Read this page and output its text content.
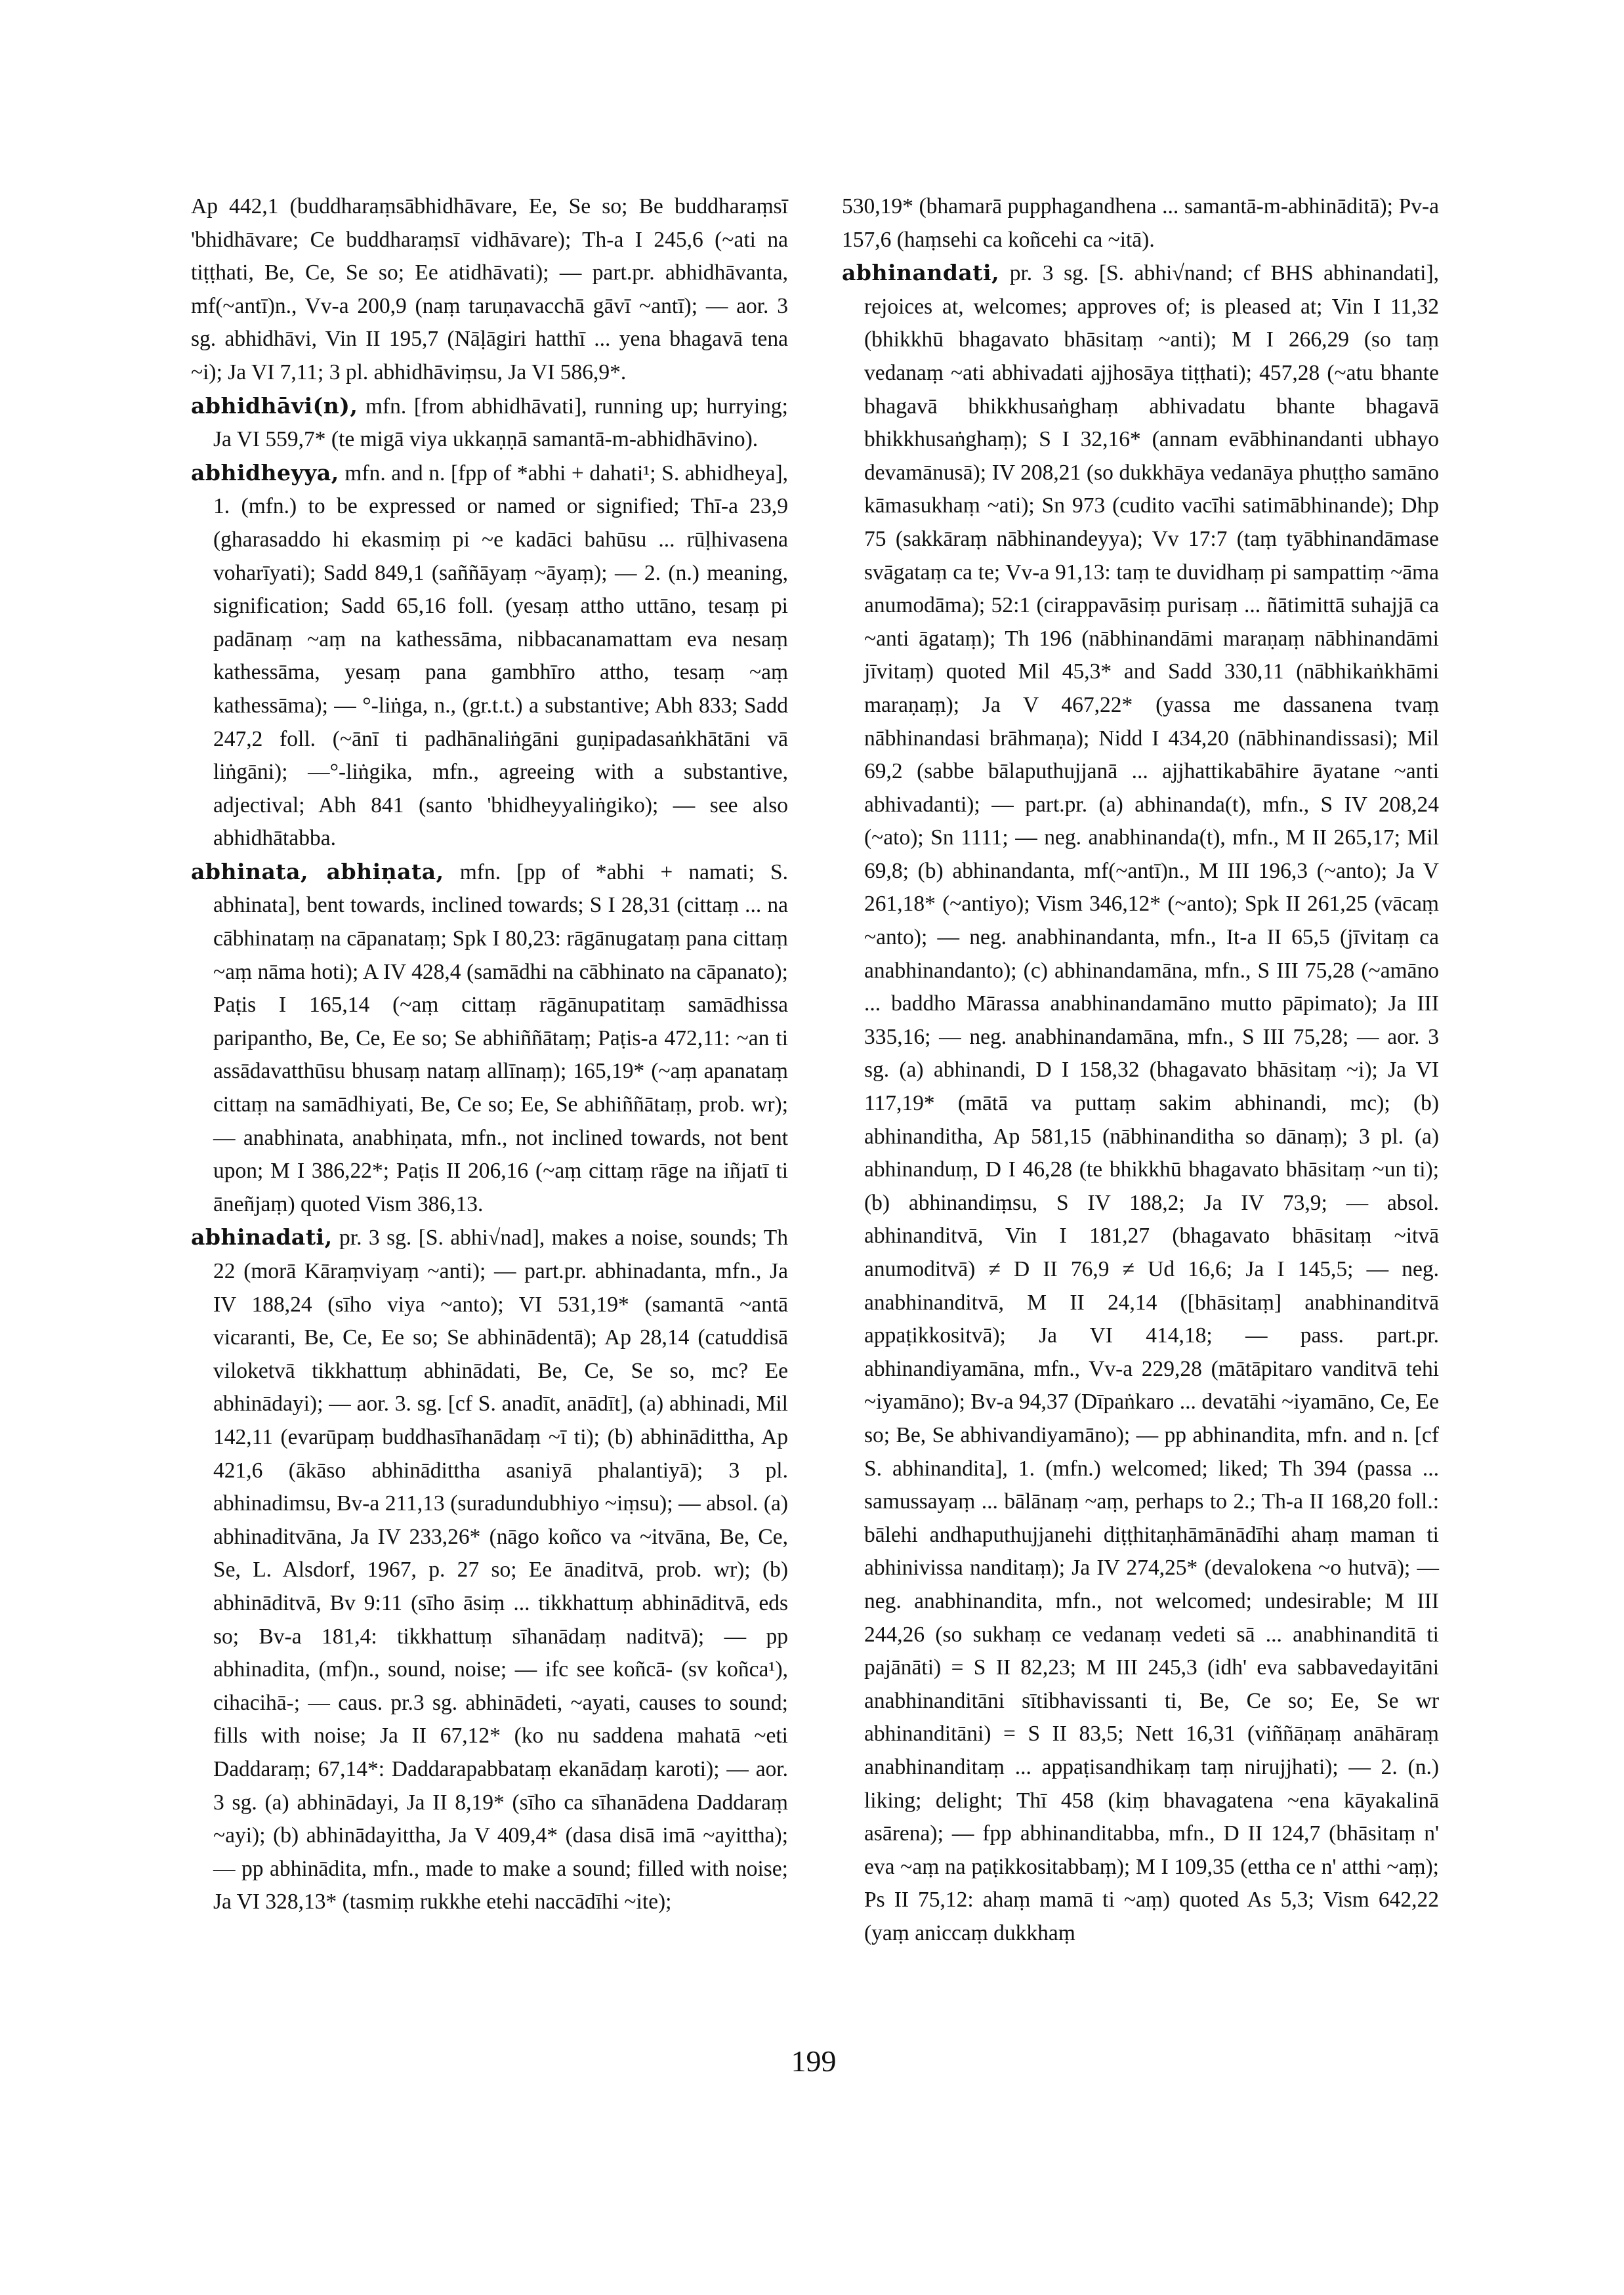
Ap 442,1 (buddharaṃsābhidhāvare, Ee, Se so; Be buddharaṃsī 'bhidhāvare; Ce buddharaṃsī vidhāvare); Th-a I 245,6 (~ati na tiṭṭhati, Be, Ce, Se so; Ee atidhāvati); — part.pr. abhidhāvanta, mf(~antī)n., Vv-a 200,9 (naṃ taruṇavacchā gāvī ~antī); — aor. 3 sg. abhidhāvi, Vin II 195,7 (Nāḷāgiri hatthī ... yena bhagavā tena ~i); Ja VI 7,11; 3 pl. abhidhāviṃsu, Ja VI 586,9*.

abhidhāvi(n), mfn. [from abhidhāvati], running up; hurrying; Ja VI 559,7* (te migā viya ukkaṇṇā samantā-m-abhidhāvino).

abhidheyya, mfn. and n. [fpp of *abhi + dahati¹; S. abhidheya], 1. (mfn.) to be expressed or named or signified; Thī-a 23,9 (gharasaddo hi ekasmiṃ pi ~e kadāci bahūsu ... rūḷhivasena voharīyati); Sadd 849,1 (saññāyaṃ ~āyaṃ); — 2. (n.) meaning, signification; Sadd 65,16 foll. (yesaṃ attho uttāno, tesaṃ pi padānaṃ ~aṃ na kathessāma, nibbacanamattam eva nesaṃ kathessāma, yesaṃ pana gambhīro attho, tesaṃ ~aṃ kathessāma); — °-liṅga, n., (gr.t.t.) a substantive; Abh 833; Sadd 247,2 foll. (~ānī ti padhānaliṅgāni guṇipadasaṅkhātāni vā liṅgāni); —°-liṅgika, mfn., agreeing with a substantive, adjectival; Abh 841 (santo 'bhidheyyaliṅgiko); — see also abhidhātabba.

abhinata, abhiṇata, mfn. [pp of *abhi + namati; S. abhinata], bent towards, inclined towards; S I 28,31 (cittaṃ ... na cābhinataṃ na cāpanataṃ; Spk I 80,23: rāgānugataṃ pana cittaṃ ~aṃ nāma hoti); A IV 428,4 (samādhi na cābhinato na cāpanato); Paṭis I 165,14 (~aṃ cittaṃ rāgānupatitaṃ samādhissa paripantho, Be, Ce, Ee so; Se abhiññātaṃ; Paṭis-a 472,11: ~an ti assādavatthūsu bhusaṃ nataṃ allīnaṃ); 165,19* (~aṃ apanataṃ cittaṃ na samādhiyati, Be, Ce so; Ee, Se abhiññātaṃ, prob. wr); — anabhinata, anabhiṇata, mfn., not inclined towards, not bent upon; M I 386,22*; Paṭis II 206,16 (~aṃ cittaṃ rāge na iñjatī ti āneñjaṃ) quoted Vism 386,13.

abhinadati, pr. 3 sg. [S. abhi√nad], makes a noise, sounds; Th 22 (morā Kāraṃviyaṃ ~anti); — part.pr. abhinadanta, mfn., Ja IV 188,24 (sīho viya ~anto); VI 531,19* (samantā ~antā vicaranti, Be, Ce, Ee so; Se abhinādentā); Ap 28,14 (catuddisā viloketvā tikkhattuṃ abhinādati, Be, Ce, Se so, mc? Ee abhinādayi); — aor. 3. sg. [cf S. anadīt, anādīt], (a) abhinadi, Mil 142,11 (evarūpaṃ buddhasīhanādaṃ ~ī ti); (b) abhinādittha, Ap 421,6 (ākāso abhinādittha asaniyā phalantiyā); 3 pl. abhinadimsu, Bv-a 211,13 (suradundubhiyo ~iṃsu); — absol. (a) abhinaditvāna, Ja IV 233,26* (nāgo koñco va ~itvāna, Be, Ce, Se, L. Alsdorf, 1967, p. 27 so; Ee ānaditvā, prob. wr); (b) abhināditvā, Bv 9:11 (sīho āsiṃ ... tikkhattuṃ abhināditvā, eds so; Bv-a 181,4: tikkhattuṃ sīhanādaṃ naditvā); — pp abhinadita, (mf)n., sound, noise; — ifc see koñcā- (sv koñca¹), cihacihā-; — caus. pr.3 sg. abhinādeti, ~ayati, causes to sound; fills with noise; Ja II 67,12* (ko nu saddena mahatā ~eti Daddaraṃ; 67,14*: Daddarapabbataṃ ekanādaṃ karoti); — aor. 3 sg. (a) abhinādayi, Ja II 8,19* (sīho ca sīhanādena Daddaraṃ ~ayi); (b) abhinādayittha, Ja V 409,4* (dasa disā imā ~ayittha); — pp abhinādita, mfn., made to make a sound; filled with noise; Ja VI 328,13* (tasmiṃ rukkhe etehi naccādīhi ~ite);

530,19* (bhamarā pupphagandhena ... samantā-m-abhināditā); Pv-a 157,6 (haṃsehi ca koñcehi ca ~itā).

abhinandati, pr. 3 sg. [S. abhi√nand; cf BHS abhinandati], rejoices at, welcomes; approves of; is pleased at; Vin I 11,32 (bhikkhū bhagavato bhāsitaṃ ~anti); M I 266,29 (so taṃ vedanaṃ ~ati abhivadati ajjhosāya tiṭṭhati); 457,28 (~atu bhante bhagavā bhikkhusaṅghaṃ abhivadatu bhante bhagavā bhikkhusaṅghaṃ); S I 32,16* (annam evābhinandanti ubhayo devamānusā); IV 208,21 (so dukkhāya vedanāya phuṭṭho samāno kāmasukhaṃ ~ati); Sn 973 (cudito vacīhi satimābhinande); Dhp 75 (sakkāraṃ nābhinandeyya); Vv 17:7 (taṃ tyābhinandāmase svāgataṃ ca te; Vv-a 91,13: taṃ te duvidhaṃ pi sampattiṃ ~āma anumodāma); 52:1 (cirappavāsiṃ purisaṃ ... ñātimittā suhajjā ca ~anti āgataṃ); Th 196 (nābhinandāmi maraṇaṃ nābhinandāmi jīvitaṃ) quoted Mil 45,3* and Sadd 330,11 (nābhikaṅkhāmi maraṇaṃ); Ja V 467,22* (yassa me dassanena tvaṃ nābhinandasi brāhmaṇa); Nidd I 434,20 (nābhinandissasi); Mil 69,2 (sabbe bālaputhujjanā ... ajjhattikabāhire āyatane ~anti abhivadanti); — part.pr. (a) abhinanda(t), mfn., S IV 208,24 (~ato); Sn 1111; — neg. anabhinanda(t), mfn., M II 265,17; Mil 69,8; (b) abhinandanta, mf(~antī)n., M III 196,3 (~anto); Ja V 261,18* (~antiyo); Vism 346,12* (~anto); Spk II 261,25 (vācaṃ ~anto); — neg. anabhinandanta, mfn., It-a II 65,5 (jīvitaṃ ca anabhinandanto); (c) abhinandamāna, mfn., S III 75,28 (~amāno ... baddho Mārassa anabhinandamāno mutto pāpimato); Ja III 335,16; — neg. anabhinandamāna, mfn., S III 75,28; — aor. 3 sg. (a) abhinandi, D I 158,32 (bhagavato bhāsitaṃ ~i); Ja VI 117,19* (mātā va puttaṃ sakim abhinandi, mc); (b) abhinanditha, Ap 581,15 (nābhinanditha so dānaṃ); 3 pl. (a) abhinanduṃ, D I 46,28 (te bhikkhū bhagavato bhāsitaṃ ~un ti); (b) abhinandiṃsu, S IV 188,2; Ja IV 73,9; — absol. abhinanditvā, Vin I 181,27 (bhagavato bhāsitaṃ ~itvā anumoditvā) ≠ D II 76,9 ≠ Ud 16,6; Ja I 145,5; — neg. anabhinanditvā, M II 24,14 ([bhāsitaṃ] anabhinanditvā appaṭikkositvā); Ja VI 414,18; — pass. part.pr. abhinandiyamāna, mfn., Vv-a 229,28 (mātāpitaro vanditvā tehi ~iyamāno); Bv-a 94,37 (Dīpaṅkaro ... devatāhi ~iyamāno, Ce, Ee so; Be, Se abhivandiyamāno); — pp abhinandita, mfn. and n. [cf S. abhinandita], 1. (mfn.) welcomed; liked; Th 394 (passa ... samussayaṃ ... bālānaṃ ~aṃ, perhaps to 2.; Th-a II 168,20 foll.: bālehi andhaputhujjanehi diṭṭhitaṇhāmānādīhi ahaṃ maman ti abhinivissa nanditaṃ); Ja IV 274,25* (devalokena ~o hutvā); — neg. anabhinandita, mfn., not welcomed; undesirable; M III 244,26 (so sukhaṃ ce vedanaṃ vedeti sā ... anabhinanditā ti pajānāti) = S II 82,23; M III 245,3 (idh' eva sabbavedayitāni anabhinanditāni sītibhavissanti ti, Be, Ce so; Ee, Se wr abhinanditāni) = S II 83,5; Nett 16,31 (viññāṇaṃ anāhāraṃ anabhinanditaṃ ... appaṭisandhikaṃ taṃ nirujjhati); — 2. (n.) liking; delight; Thī 458 (kiṃ bhavagatena ~ena kāyakalinā asārena); — fpp abhinanditabba, mfn., D II 124,7 (bhāsitaṃ n' eva ~aṃ na paṭikkositabbaṃ); M I 109,35 (ettha ce n' atthi ~aṃ); Ps II 75,12: ahaṃ mamā ti ~aṃ) quoted As 5,3; Vism 642,22 (yaṃ aniccaṃ dukkhaṃ

199
